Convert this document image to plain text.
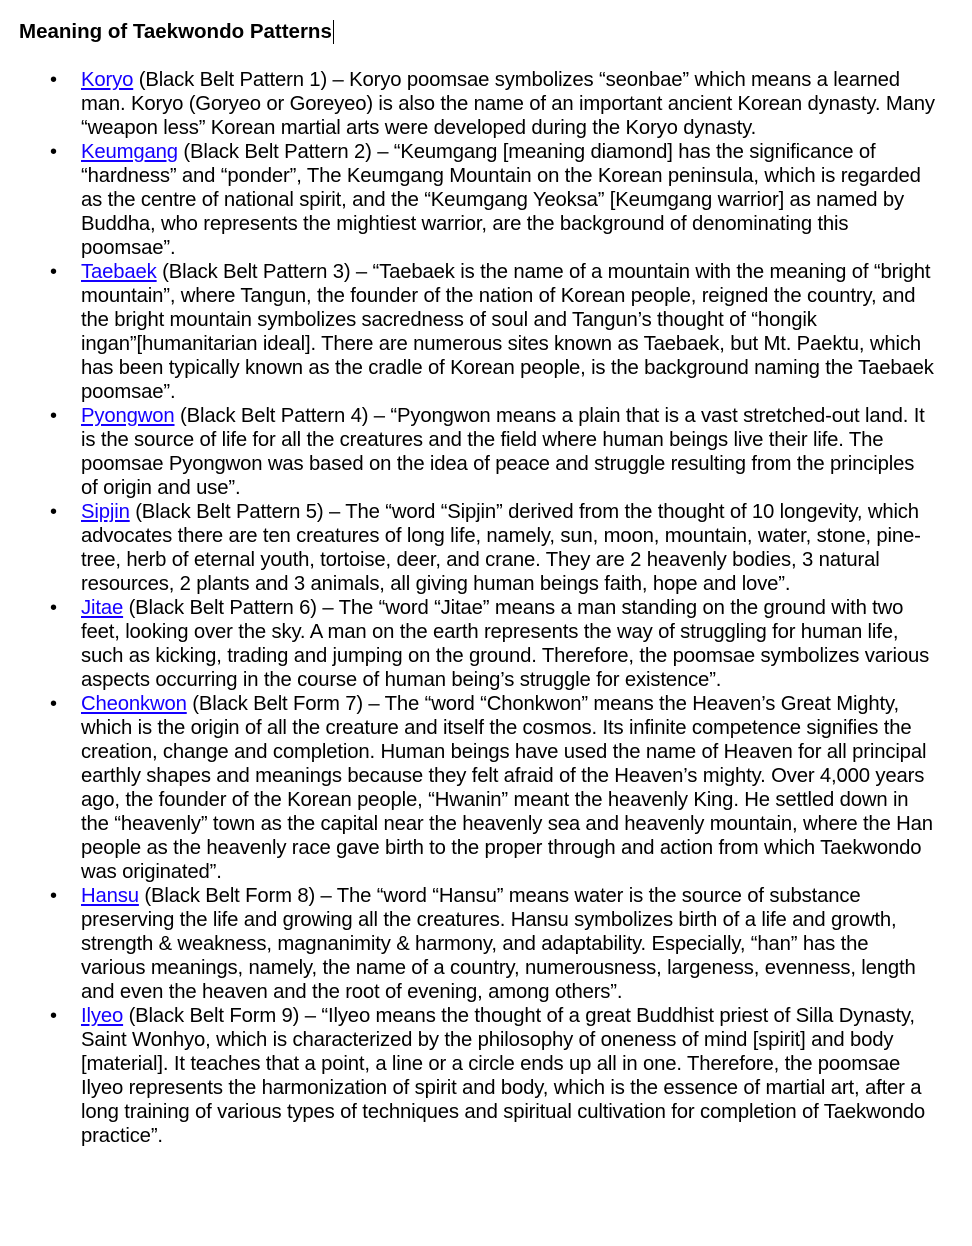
Meaning of Taekwondo Patterns
• Koryo (Black Belt Pattern 1) – Koryo poomsae symbolizes “seonbae” which means a learned man. Koryo (Goryeo or Goreyeo) is also the name of an important ancient Korean dynasty. Many “weapon less” Korean martial arts were developed during the Koryo dynasty.
• Keumgang (Black Belt Pattern 2) – “Keumgang [meaning diamond] has the significance of “hardness” and “ponder”, The Keumgang Mountain on the Korean peninsula, which is regarded as the centre of national spirit, and the “Keumgang Yeoksa” [Keumgang warrior] as named by Buddha, who represents the mightiest warrior, are the background of denominating this poomsae”.
• Taebaek (Black Belt Pattern 3) – “Taebaek is the name of a mountain with the meaning of “bright mountain”, where Tangun, the founder of the nation of Korean people, reigned the country, and the bright mountain symbolizes sacredness of soul and Tangun’s thought of “hongik ingan”[humanitarian ideal]. There are numerous sites known as Taebaek, but Mt. Paektu, which has been typically known as the cradle of Korean people, is the background naming the Taebaek poomsae”.
• Pyongwon (Black Belt Pattern 4) – “Pyongwon means a plain that is a vast stretched-out land. It is the source of life for all the creatures and the field where human beings live their life. The poomsae Pyongwon was based on the idea of peace and struggle resulting from the principles of origin and use”.
• Sipjin (Black Belt Pattern 5) – The “word “Sipjin” derived from the thought of 10 longevity, which advocates there are ten creatures of long life, namely, sun, moon, mountain, water, stone, pine-tree, herb of eternal youth, tortoise, deer, and crane. They are 2 heavenly bodies, 3 natural resources, 2 plants and 3 animals, all giving human beings faith, hope and love”.
• Jitae (Black Belt Pattern 6) – The “word “Jitae” means a man standing on the ground with two feet, looking over the sky. A man on the earth represents the way of struggling for human life, such as kicking, trading and jumping on the ground. Therefore, the poomsae symbolizes various aspects occurring in the course of human being’s struggle for existence”.
• Cheonkwon (Black Belt Form 7) – The “word “Chonkwon” means the Heaven’s Great Mighty, which is the origin of all the creature and itself the cosmos. Its infinite competence signifies the creation, change and completion. Human beings have used the name of Heaven for all principal earthly shapes and meanings because they felt afraid of the Heaven’s mighty. Over 4,000 years ago, the founder of the Korean people, “Hwanin” meant the heavenly King. He settled down in the “heavenly” town as the capital near the heavenly sea and heavenly mountain, where the Han people as the heavenly race gave birth to the proper through and action from which Taekwondo was originated”.
• Hansu (Black Belt Form 8) – The “word “Hansu” means water is the source of substance preserving the life and growing all the creatures. Hansu symbolizes birth of a life and growth, strength & weakness, magnanimity & harmony, and adaptability. Especially, “han” has the various meanings, namely, the name of a country, numerousness, largeness, evenness, length and even the heaven and the root of evening, among others”.
• Ilyeo (Black Belt Form 9) – “Ilyeo means the thought of a great Buddhist priest of Silla Dynasty, Saint Wonhyo, which is characterized by the philosophy of oneness of mind [spirit] and body [material]. It teaches that a point, a line or a circle ends up all in one. Therefore, the poomsae Ilyeo represents the harmonization of spirit and body, which is the essence of martial art, after a long training of various types of techniques and spiritual cultivation for completion of Taekwondo practice”.
